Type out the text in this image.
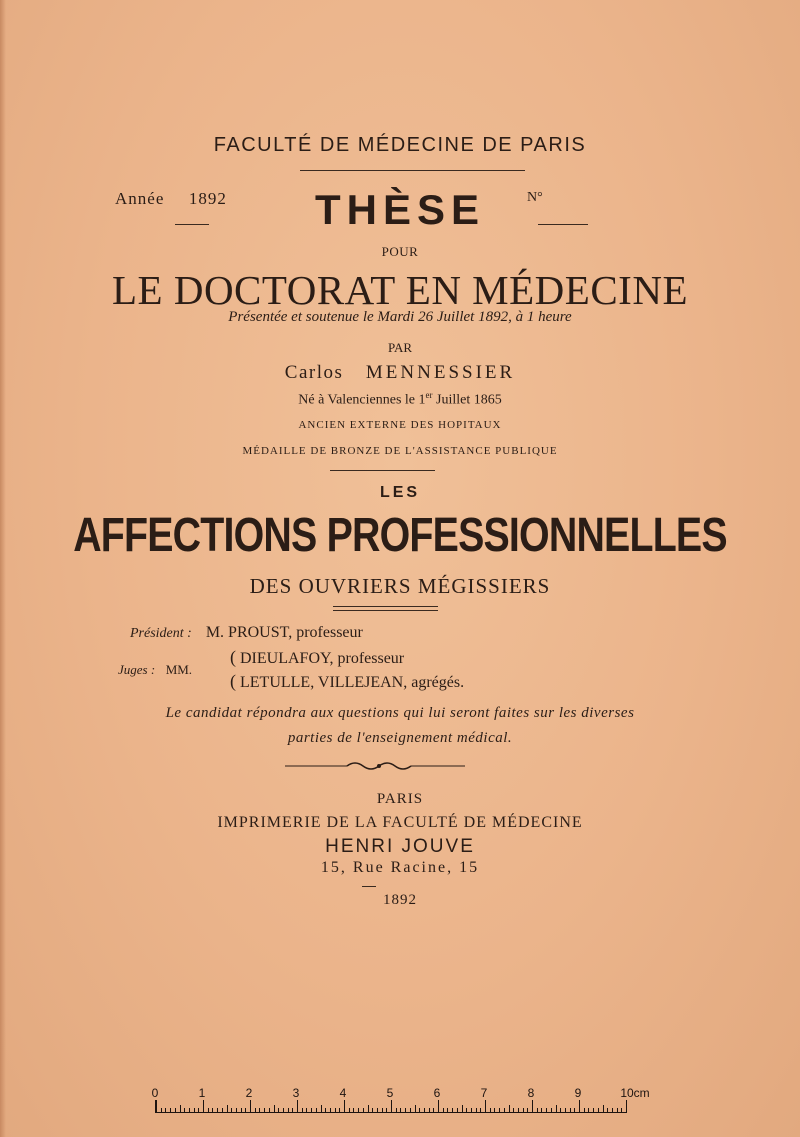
FACULTÉ DE MÉDECINE DE PARIS
Année 1892	THÈSE	N°
POUR
LE DOCTORAT EN MÉDECINE
Présentée et soutenue le Mardi 26 Juillet 1892, à 1 heure
PAR
Carlos MENNESSIER
Né à Valenciennes le 1er Juillet 1865
ANCIEN EXTERNE DES HOPITAUX
MÉDAILLE DE BRONZE DE L'ASSISTANCE PUBLIQUE
LES
AFFECTIONS PROFESSIONNELLES
DES OUVRIERS MÉGISSIERS
Président : M. PROUST, professeur
Juges : MM.
( DIEULAFOY, professeur
( LETULLE, VILLEJEAN, agrégés.
Le candidat répondra aux questions qui lui seront faites sur les diverses
parties de l'enseignement médical.
PARIS
IMPRIMERIE DE LA FACULTÉ DE MÉDECINE
HENRI JOUVE
15, Rue Racine, 15
1892
0	1	2	3	4	5	6	7	8	9	10cm
